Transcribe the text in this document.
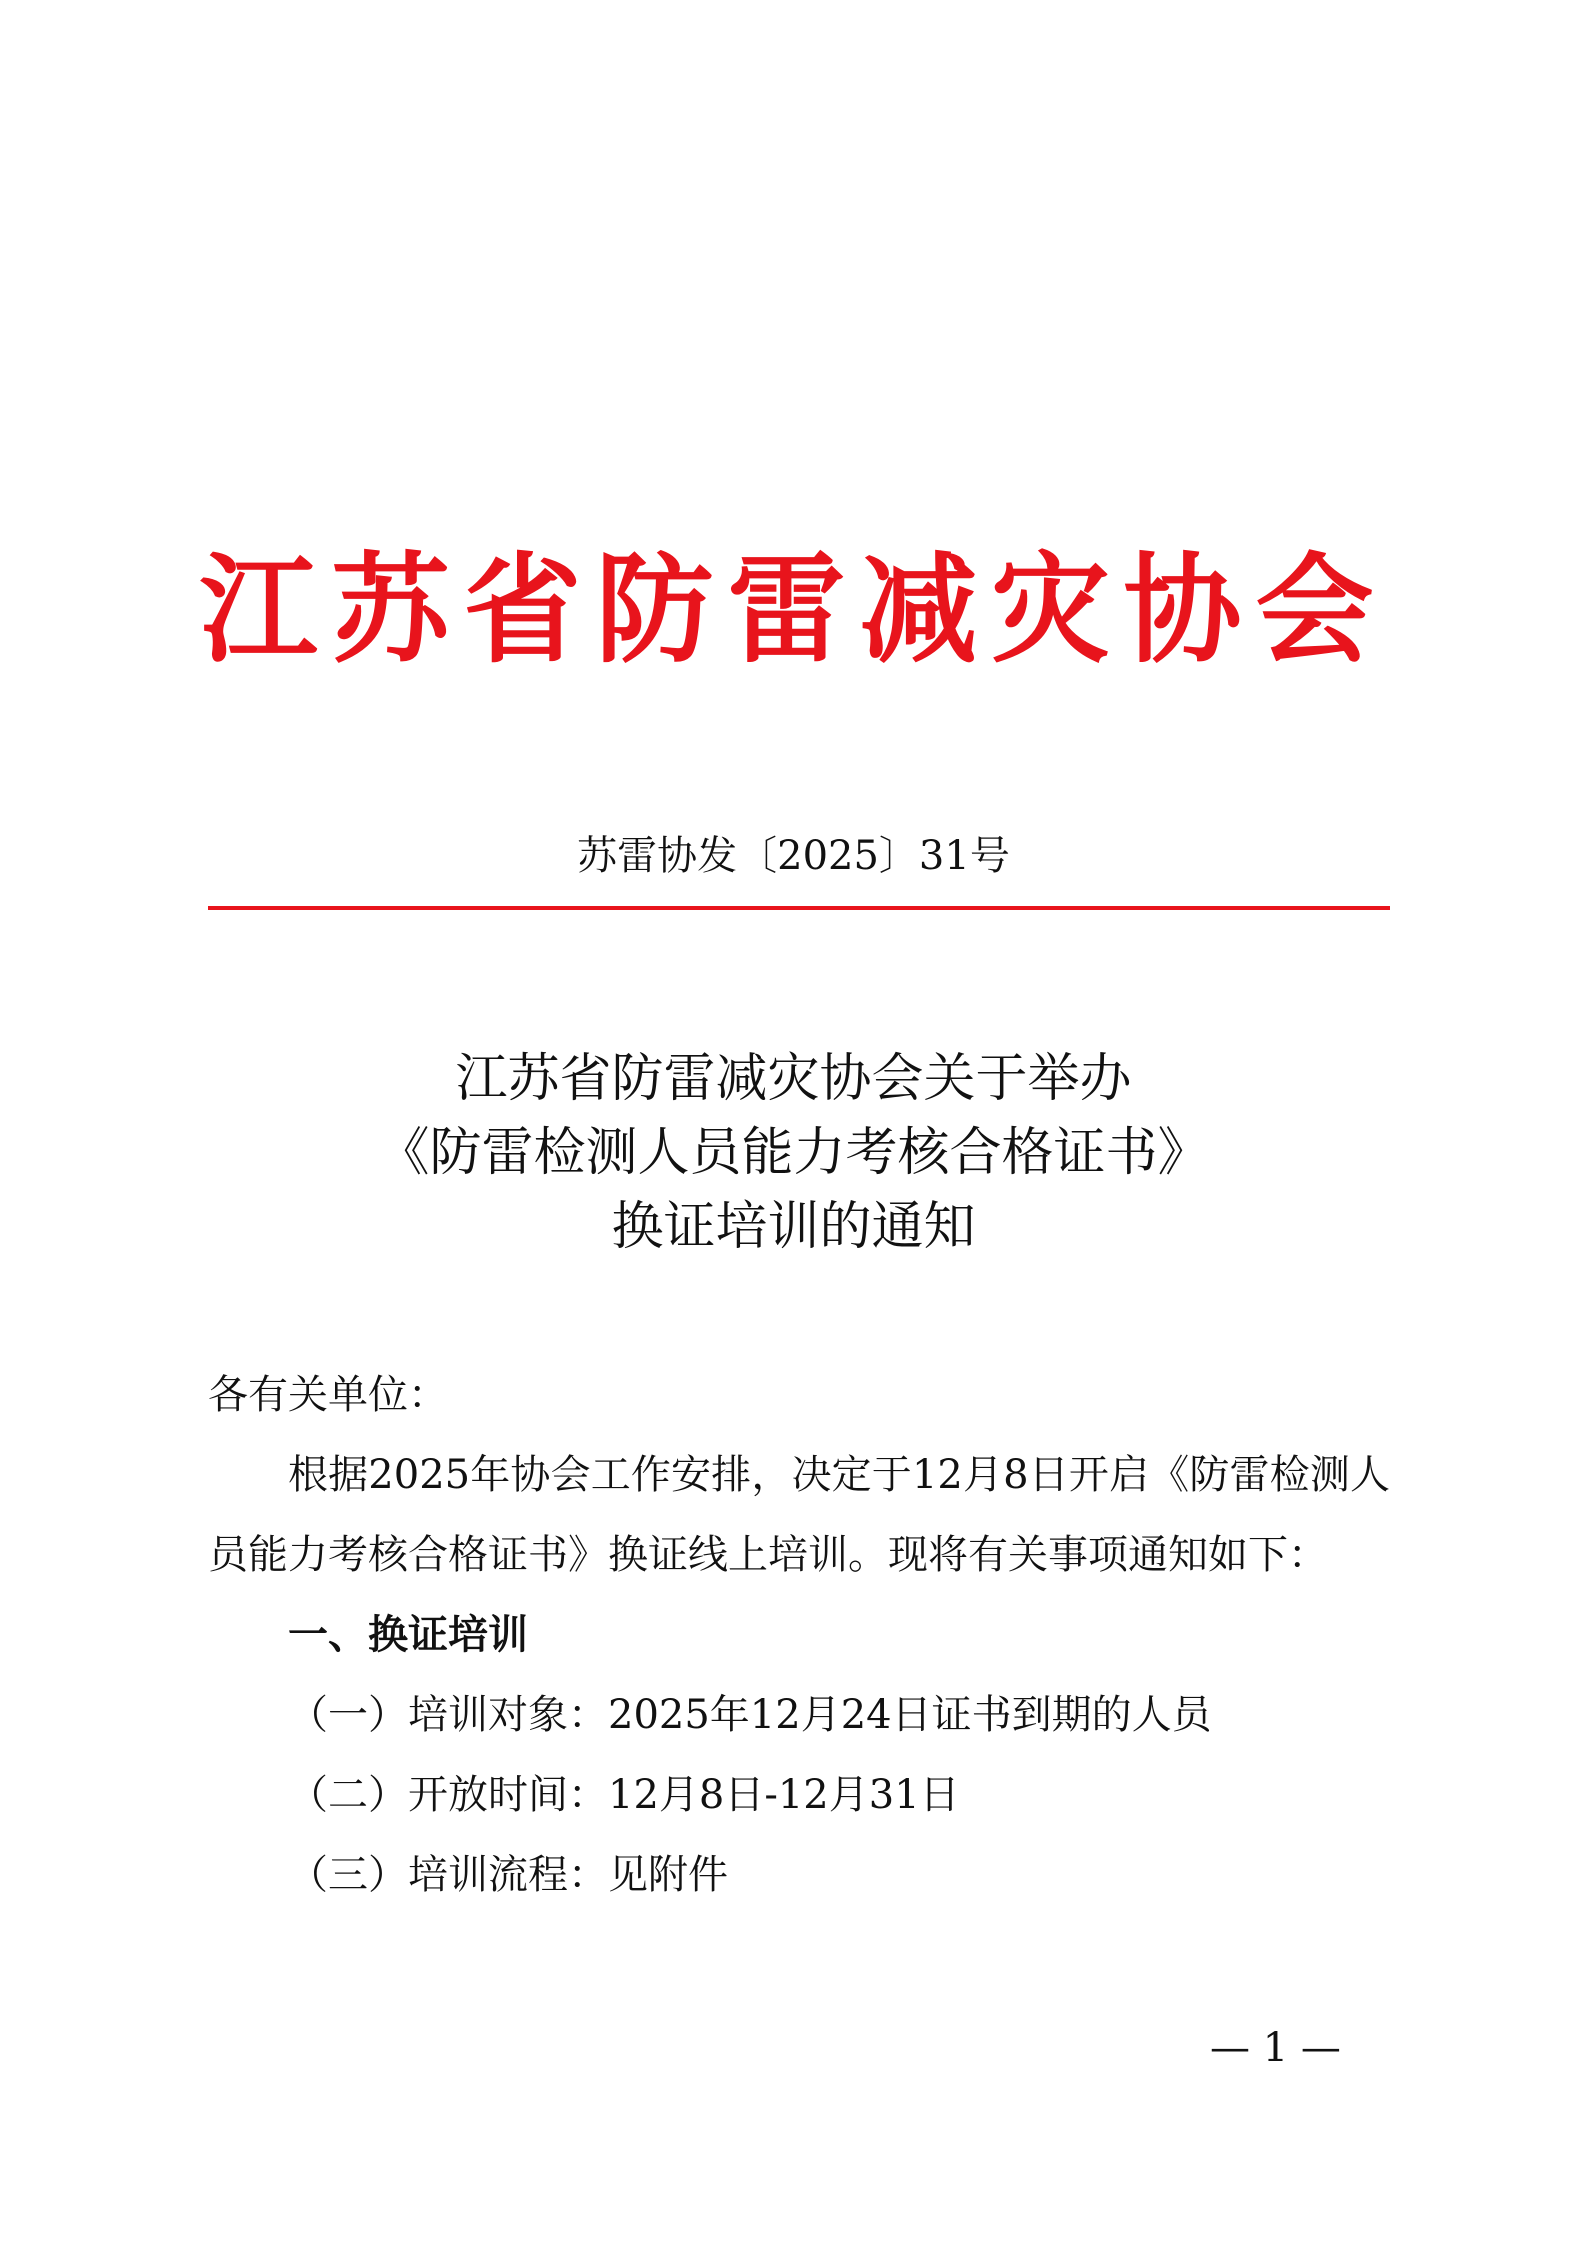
江苏省防雷减灾协会
苏雷协发〔2025〕31号
江苏省防雷减灾协会关于举办
《防雷检测人员能力考核合格证书》
换证培训的通知

各有关单位：

根据2025年协会工作安排，决定于12月8日开启《防雷检测人员能力考核合格证书》换证线上培训。现将有关事项通知如下：

一、换证培训

（一）培训对象：2025年12月24日证书到期的人员

（二）开放时间：12月8日-12月31日

（三）培训流程：见附件

— 1 —
